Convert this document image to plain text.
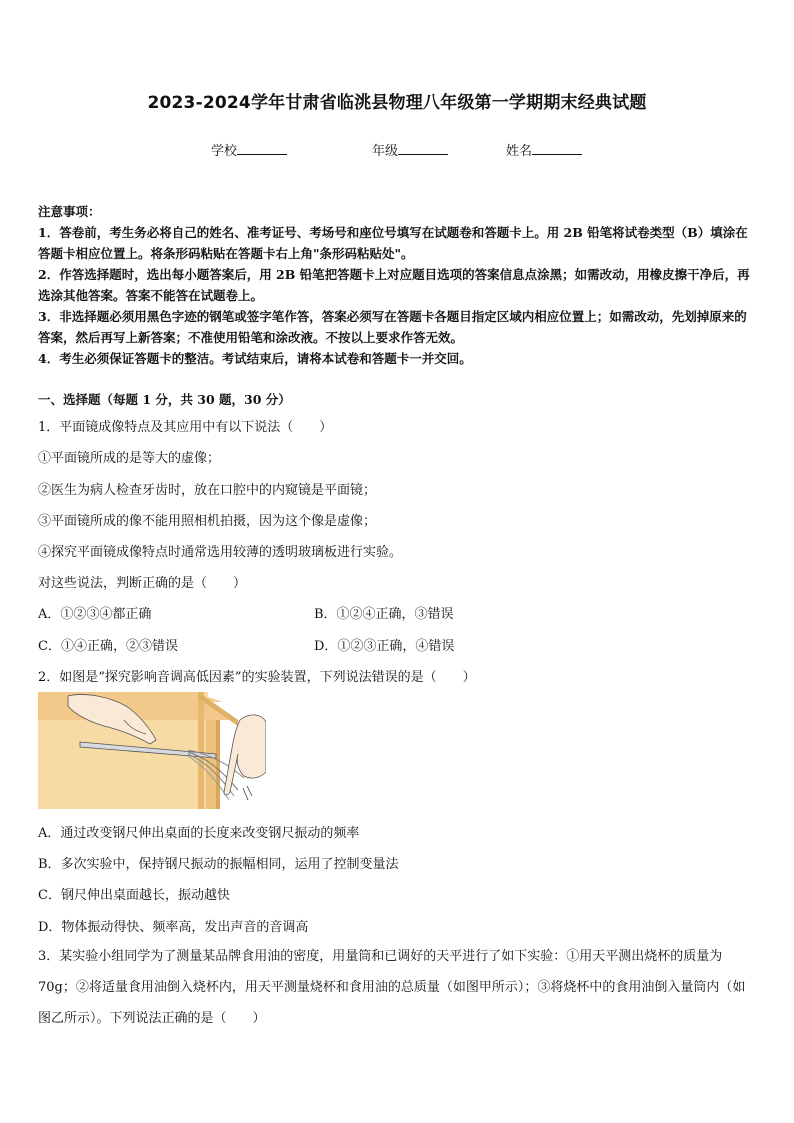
2023-2024学年甘肃省临洮县物理八年级第一学期期末经典试题
学校	年级	姓名
注意事项：
1．答卷前，考生务必将自己的姓名、准考证号、考场号和座位号填写在试题卷和答题卡上。用 2B 铅笔将试卷类型（B）填涂在答题卡相应位置上。将条形码粘贴在答题卡右上角"条形码粘贴处"。
2．作答选择题时，选出每小题答案后，用 2B 铅笔把答题卡上对应题目选项的答案信息点涂黑；如需改动，用橡皮擦干净后，再选涂其他答案。答案不能答在试题卷上。
3．非选择题必须用黑色字迹的钢笔或签字笔作答，答案必须写在答题卡各题目指定区域内相应位置上；如需改动，先划掉原来的答案，然后再写上新答案；不准使用铅笔和涂改液。不按以上要求作答无效。
4．考生必须保证答题卡的整洁。考试结束后，请将本试卷和答题卡一并交回。
一、选择题（每题 1 分，共 30 题，30 分）
1．平面镜成像特点及其应用中有以下说法（　　）
①平面镜所成的是等大的虚像；
②医生为病人检查牙齿时，放在口腔中的内窥镜是平面镜；
③平面镜所成的像不能用照相机拍摄，因为这个像是虚像；
④探究平面镜成像特点时通常选用较薄的透明玻璃板进行实验。
对这些说法，判断正确的是（　　）
A．①②③④都正确	B．①②④正确，③错误
C．①④正确，②③错误	D．①②③正确，④错误
2．如图是“探究影响音调高低因素”的实验装置，下列说法错误的是（　　）
A．通过改变钢尺伸出桌面的长度来改变钢尺振动的频率
B．多次实验中，保持钢尺振动的振幅相同，运用了控制变量法
C．钢尺伸出桌面越长，振动越快
D．物体振动得快、频率高，发出声音的音调高
3．某实验小组同学为了测量某品牌食用油的密度，用量筒和已调好的天平进行了如下实验：①用天平测出烧杯的质量为70g；②将适量食用油倒入烧杯内，用天平测量烧杯和食用油的总质量（如图甲所示）；③将烧杯中的食用油倒入量筒内（如图乙所示）。下列说法正确的是（　　）
